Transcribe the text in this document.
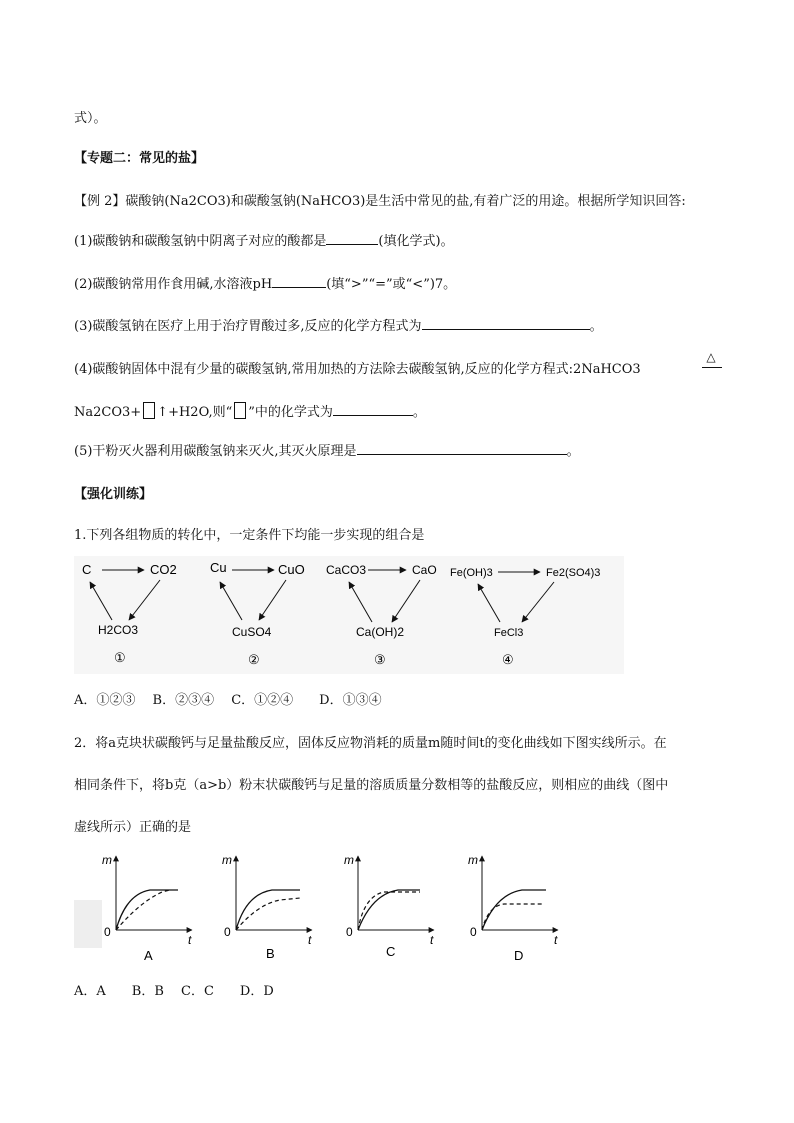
式）。
【专题二：常见的盐】
【例 2】碳酸钠(Na2CO3)和碳酸氢钠(NaHCO3)是生活中常见的盐,有着广泛的用途。根据所学知识回答:
(1)碳酸钠和碳酸氢钠中阴离子对应的酸都是	(填化学式)。
(2)碳酸钠常用作食用碱,水溶液pH	(填“>”“=”或“<”)7。
(3)碳酸氢钠在医疗上用于治疗胃酸过多,反应的化学方程式为	。
(4)碳酸钠固体中混有少量的碳酸氢钠,常用加热的方法除去碳酸氢钠,反应的化学方程式:2NaHCO3
△
Na2CO3+ ↑+H2O,则“ ”中的化学式为	。
(5)干粉灭火器利用碳酸氢钠来灭火,其灭火原理是	。
【强化训练】
1.下列各组物质的转化中，一定条件下均能一步实现的组合是
C	CO2
H2CO3
①
Cu	CuO
CuSO4
②
CaCO3	CaO
Ca(OH)2
③
Fe(OH)3	Fe2(SO4)3
FeCl3
④
A．①②③　 B．②③④　 C．①②④　　D．①③④
2．将a克块状碳酸钙与足量盐酸反应，固体反应物消耗的质量m随时间t的变化曲线如下图实线所示。在
相同条件下，将b克（a>b）粉末状碳酸钙与足量的溶质质量分数相等的盐酸反应，则相应的曲线（图中
虚线所示）正确的是
m
0
t
A
m
0
t
B
m
0
t
C
m
0
t
D
A．A　　B．B　 C．C　　D．D
